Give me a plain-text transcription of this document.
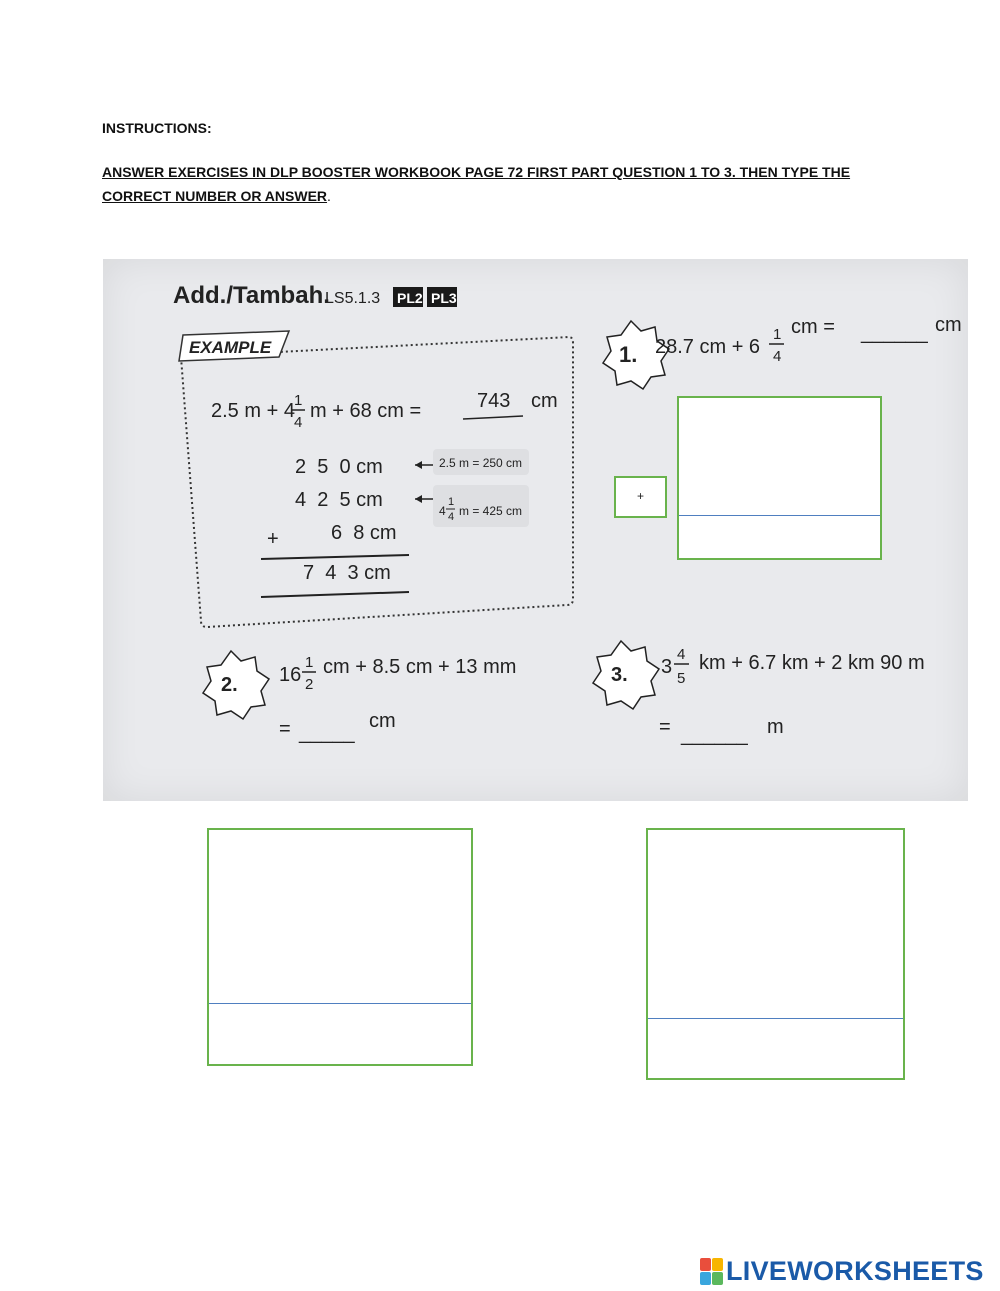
INSTRUCTIONS:
ANSWER EXERCISES IN DLP BOOSTER WORKBOOK PAGE 72 FIRST PART QUESTION 1 TO 3. THEN TYPE THE CORRECT NUMBER OR ANSWER.
Add./Tambah.
LS5.1.3 PL2 PL3
EXAMPLE
2.5 m + 4 1
4
m + 68 cm =	743 cm
2  5  0 cm	2.5 m = 250 cm
4  2  5 cm	4
1
4 m = 425 cm
+	6  8 cm
7  4  3 cm
1. 28.7 cm + 6
1
4
cm = ______ cm
2. 16
1
2
cm + 8.5 cm + 13 mm
= _____
cm
3. 3
4
5
km + 6.7 km + 2 km 90 m
= ______ m
+
LIVEWORKSHEETS
